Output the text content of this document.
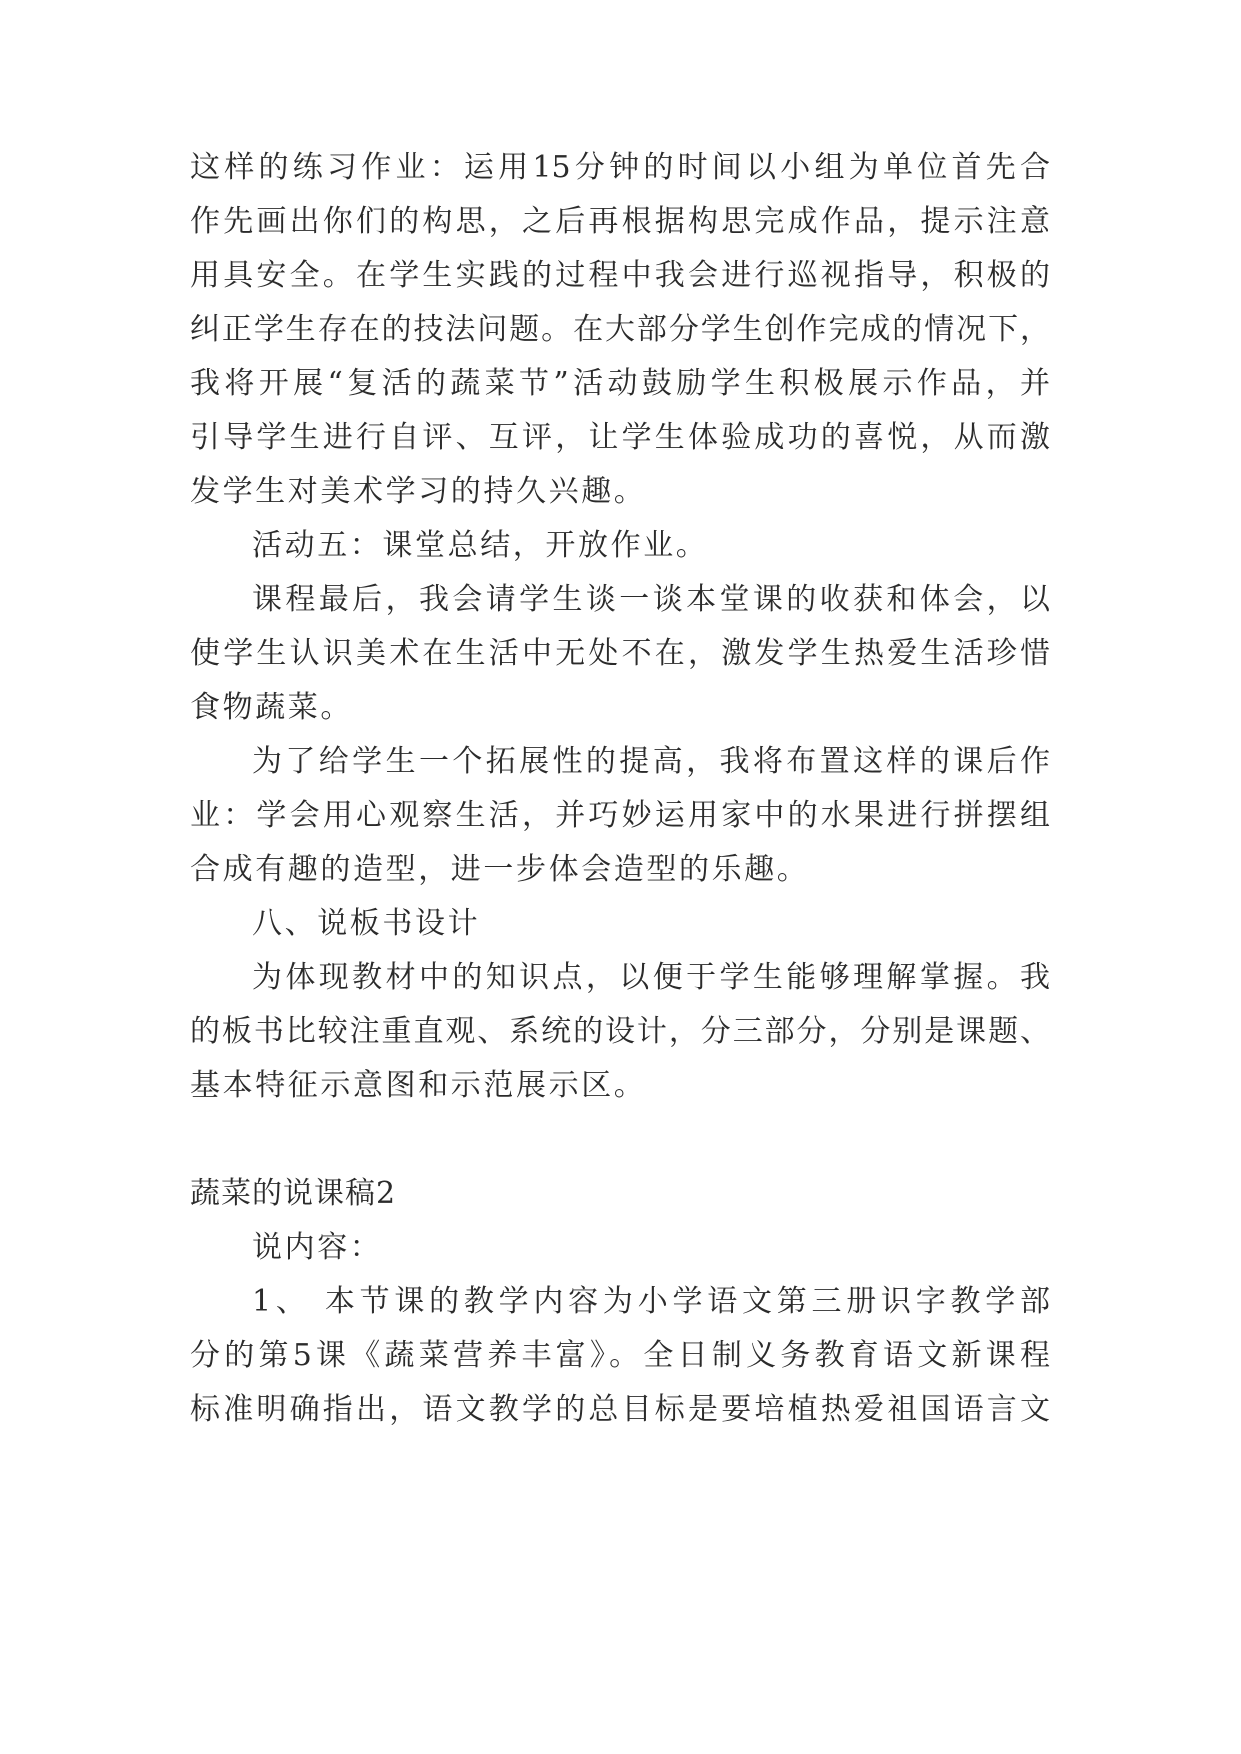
这样的练习作业：运用15分钟的时间以小组为单位首先合
作先画出你们的构思，之后再根据构思完成作品，提示注意
用具安全。在学生实践的过程中我会进行巡视指导，积极的
纠正学生存在的技法问题。在大部分学生创作完成的情况下，
我将开展“复活的蔬菜节”活动鼓励学生积极展示作品，并
引导学生进行自评、互评，让学生体验成功的喜悦，从而激
发学生对美术学习的持久兴趣。
活动五：课堂总结，开放作业。
课程最后，我会请学生谈一谈本堂课的收获和体会，以
使学生认识美术在生活中无处不在，激发学生热爱生活珍惜
食物蔬菜。
为了给学生一个拓展性的提高，我将布置这样的课后作
业：学会用心观察生活，并巧妙运用家中的水果进行拼摆组
合成有趣的造型，进一步体会造型的乐趣。
八、说板书设计
为体现教材中的知识点，以便于学生能够理解掌握。我
的板书比较注重直观、系统的设计，分三部分，分别是课题、
基本特征示意图和示范展示区。
蔬菜的说课稿2
说内容：
1、 本节课的教学内容为小学语文第三册识字教学部
分的第5课《蔬菜营养丰富》。全日制义务教育语文新课程
标准明确指出，语文教学的总目标是要培植热爱祖国语言文
